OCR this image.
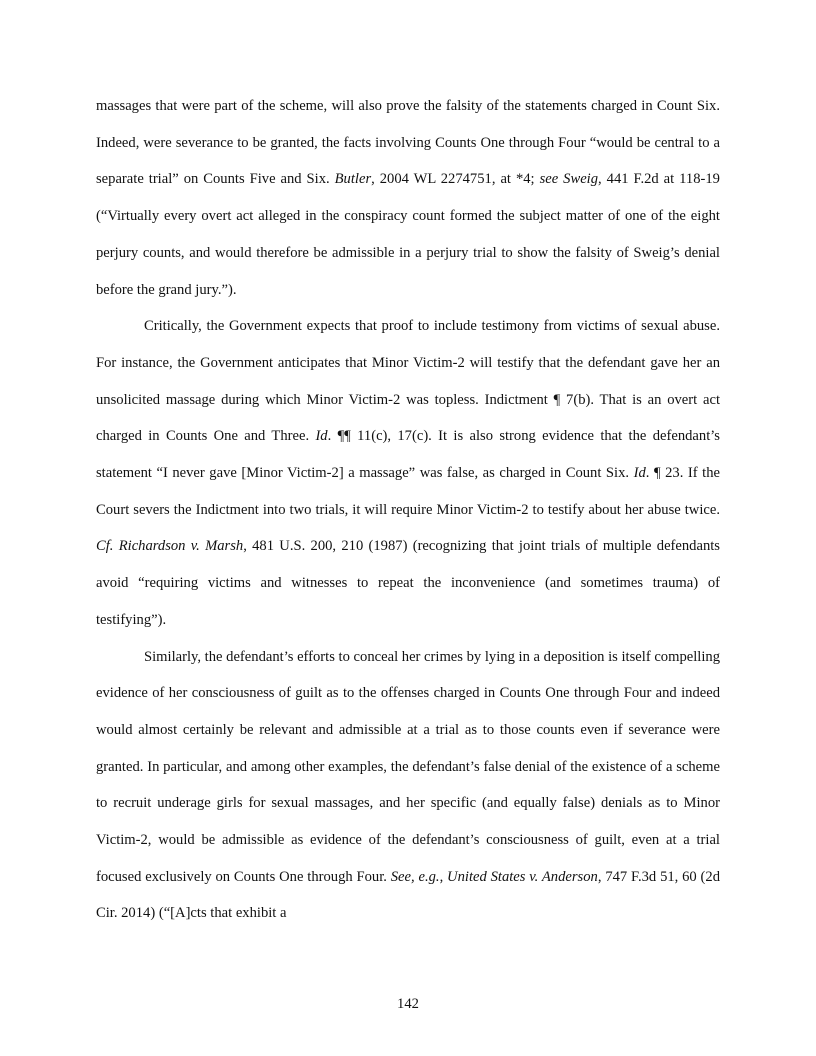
massages that were part of the scheme, will also prove the falsity of the statements charged in Count Six. Indeed, were severance to be granted, the facts involving Counts One through Four “would be central to a separate trial” on Counts Five and Six. Butler, 2004 WL 2274751, at *4; see Sweig, 441 F.2d at 118-19 (“Virtually every overt act alleged in the conspiracy count formed the subject matter of one of the eight perjury counts, and would therefore be admissible in a perjury trial to show the falsity of Sweig’s denial before the grand jury.”).

Critically, the Government expects that proof to include testimony from victims of sexual abuse. For instance, the Government anticipates that Minor Victim-2 will testify that the defendant gave her an unsolicited massage during which Minor Victim-2 was topless. Indictment ¶ 7(b). That is an overt act charged in Counts One and Three. Id. ¶¶ 11(c), 17(c). It is also strong evidence that the defendant’s statement “I never gave [Minor Victim-2] a massage” was false, as charged in Count Six. Id. ¶ 23. If the Court severs the Indictment into two trials, it will require Minor Victim-2 to testify about her abuse twice. Cf. Richardson v. Marsh, 481 U.S. 200, 210 (1987) (recognizing that joint trials of multiple defendants avoid “requiring victims and witnesses to repeat the inconvenience (and sometimes trauma) of testifying”).

Similarly, the defendant’s efforts to conceal her crimes by lying in a deposition is itself compelling evidence of her consciousness of guilt as to the offenses charged in Counts One through Four and indeed would almost certainly be relevant and admissible at a trial as to those counts even if severance were granted. In particular, and among other examples, the defendant’s false denial of the existence of a scheme to recruit underage girls for sexual massages, and her specific (and equally false) denials as to Minor Victim-2, would be admissible as evidence of the defendant’s consciousness of guilt, even at a trial focused exclusively on Counts One through Four. See, e.g., United States v. Anderson, 747 F.3d 51, 60 (2d Cir. 2014) (“[A]cts that exhibit a

142
